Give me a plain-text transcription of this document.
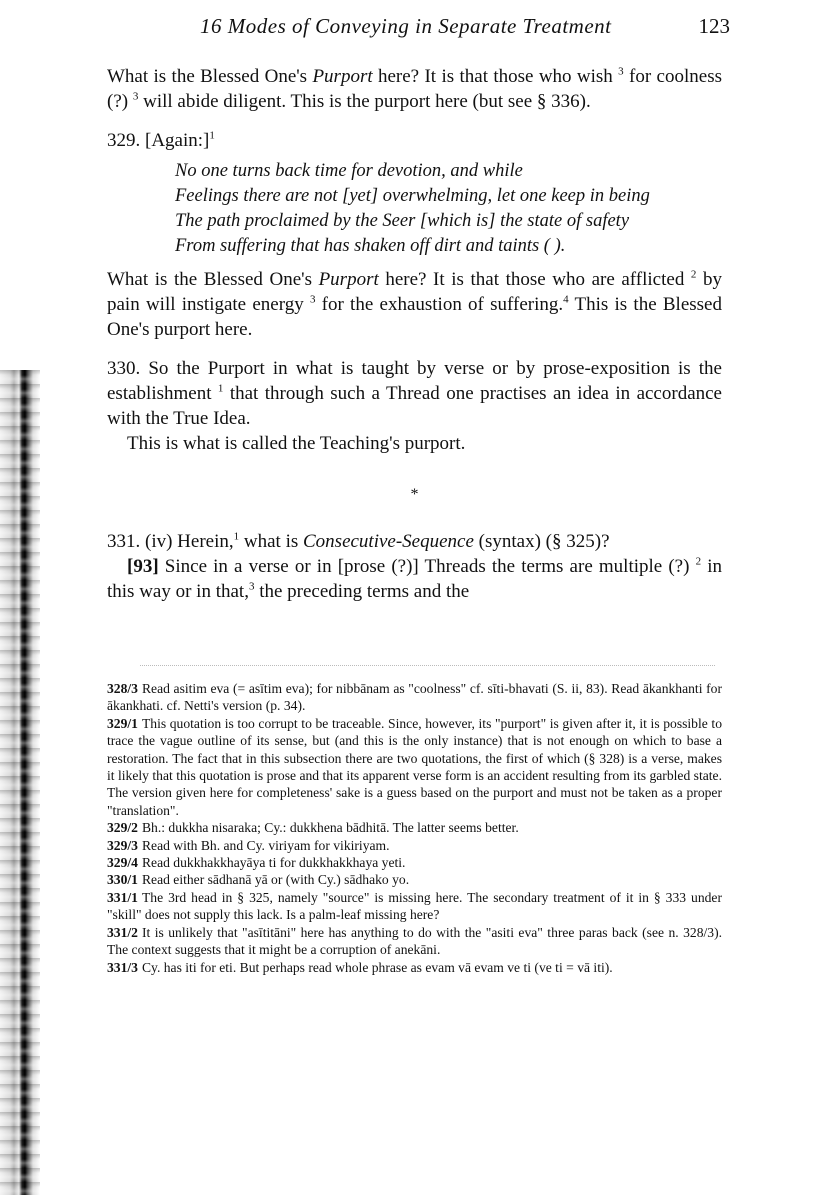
16 Modes of Conveying in Separate Treatment	123

What is the Blessed One's Purport here? It is that those who wish $^3$ for coolness (?) $^3$ will abide diligent. This is the purport here (but see § 336).

329. [Again:]$^1$

No one turns back time for devotion, and while
Feelings there are not [yet] overwhelming, let one keep in being
The path proclaimed by the Seer [which is] the state of safety
From suffering that has shaken off dirt and taints ( ).

What is the Blessed One's Purport here? It is that those who are afflicted $^2$ by pain will instigate energy $^3$ for the exhaustion of suffering.$^4$ This is the Blessed One's purport here.

330. So the Purport in what is taught by verse or by prose-exposition is the establishment $^1$ that through such a Thread one practises an idea in accordance with the True Idea.

This is what is called the Teaching's purport.

*

331. (iv) Herein,$^1$ what is Consecutive-Sequence (syntax) (§ 325)?

[93] Since in a verse or in [prose (?)] Threads the terms are multiple (?) $^2$ in this way or in that,$^3$ the preceding terms and the

328/3 Read asitim eva (= asītim eva); for nibbānam as "coolness" cf. sīti-bhavati (S. ii, 83). Read ākankhanti for ākankhati. cf. Netti's version (p. 34).

329/1 This quotation is too corrupt to be traceable. Since, however, its "purport" is given after it, it is possible to trace the vague outline of its sense, but (and this is the only instance) that is not enough on which to base a restoration. The fact that in this subsection there are two quotations, the first of which (§ 328) is a verse, makes it likely that this quotation is prose and that its apparent verse form is an accident resulting from its garbled state. The version given here for completeness' sake is a guess based on the purport and must not be taken as a proper "translation".

329/2 Bh.: dukkha nisaraka; Cy.: dukkhena bādhitā. The latter seems better.

329/3 Read with Bh. and Cy. viriyam for vikiriyam.

329/4 Read dukkhakkhayāya ti for dukkhakkhaya yeti.

330/1 Read either sādhanā yā or (with Cy.) sādhako yo.

331/1 The 3rd head in § 325, namely "source" is missing here. The secondary treatment of it in § 333 under "skill" does not supply this lack. Is a palm-leaf missing here?

331/2 It is unlikely that "asītitāni" here has anything to do with the "asiti eva" three paras back (see n. 328/3). The context suggests that it might be a corruption of anekāni.

331/3 Cy. has iti for eti. But perhaps read whole phrase as evam vā evam ve ti (ve ti = vā iti).
